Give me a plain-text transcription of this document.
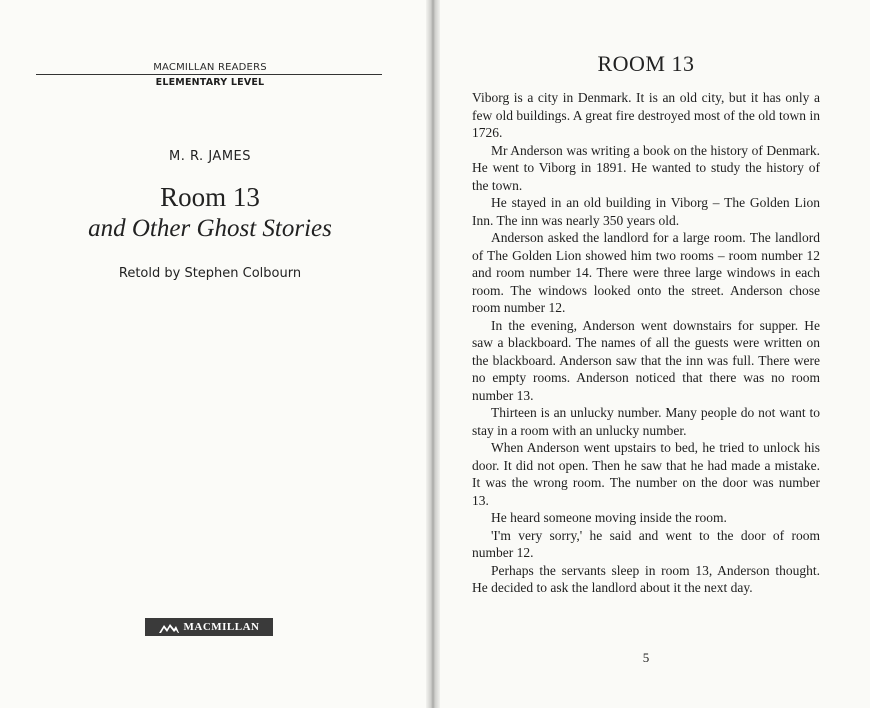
MACMILLAN READERS
ELEMENTARY LEVEL
M. R. JAMES
Room 13
and Other Ghost Stories
Retold by Stephen Colbourn
MACMILLAN
ROOM 13

Viborg is a city in Denmark. It is an old city, but it has only a few old buildings. A great fire destroyed most of the old town in 1726.

Mr Anderson was writing a book on the history of Denmark. He went to Viborg in 1891. He wanted to study the history of the town.

He stayed in an old building in Viborg – The Golden Lion Inn. The inn was nearly 350 years old.

Anderson asked the landlord for a large room. The landlord of The Golden Lion showed him two rooms – room number 12 and room number 14. There were three large windows in each room. The windows looked onto the street. Anderson chose room number 12.

In the evening, Anderson went downstairs for supper. He saw a blackboard. The names of all the guests were written on the blackboard. Anderson saw that the inn was full. There were no empty rooms. Anderson noticed that there was no room number 13.

Thirteen is an unlucky number. Many people do not want to stay in a room with an unlucky number.

When Anderson went upstairs to bed, he tried to unlock his door. It did not open. Then he saw that he had made a mistake. It was the wrong room. The number on the door was number 13.

He heard someone moving inside the room.

'I'm very sorry,' he said and went to the door of room number 12.

Perhaps the servants sleep in room 13, Anderson thought. He decided to ask the landlord about it the next day.

5
